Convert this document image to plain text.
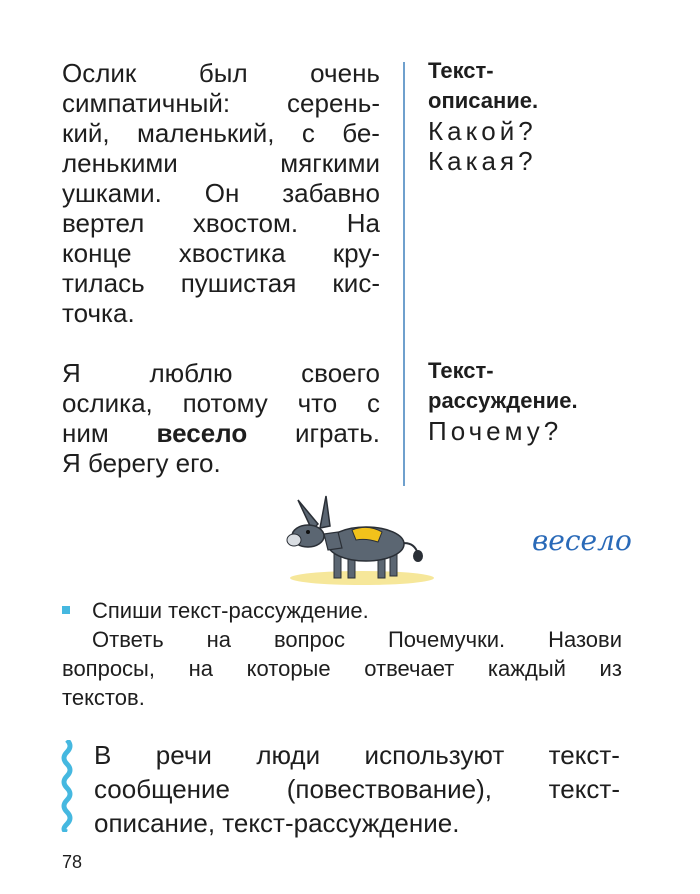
Ослик был очень
симпатичный: серень-
кий, маленький, с бе-
ленькими	мягкими
ушками. Он забавно
вертел хвостом. На
конце хвостика кру-
тилась пушистая кис-
точка.
Я	люблю	своего
ослика, потому что с
ним весело играть.
Я берегу его.
Текст-
описание.
Какой?
Какая?
Текст-
рассуждение.
Почему?
весело
Спиши текст-рассуждение.
Ответь на вопрос Почемучки. Назови
вопросы, на которые отвечает каждый из
текстов.
В речи люди используют текст-
сообщение (повествование), текст-
описание, текст-рассуждение.
78
